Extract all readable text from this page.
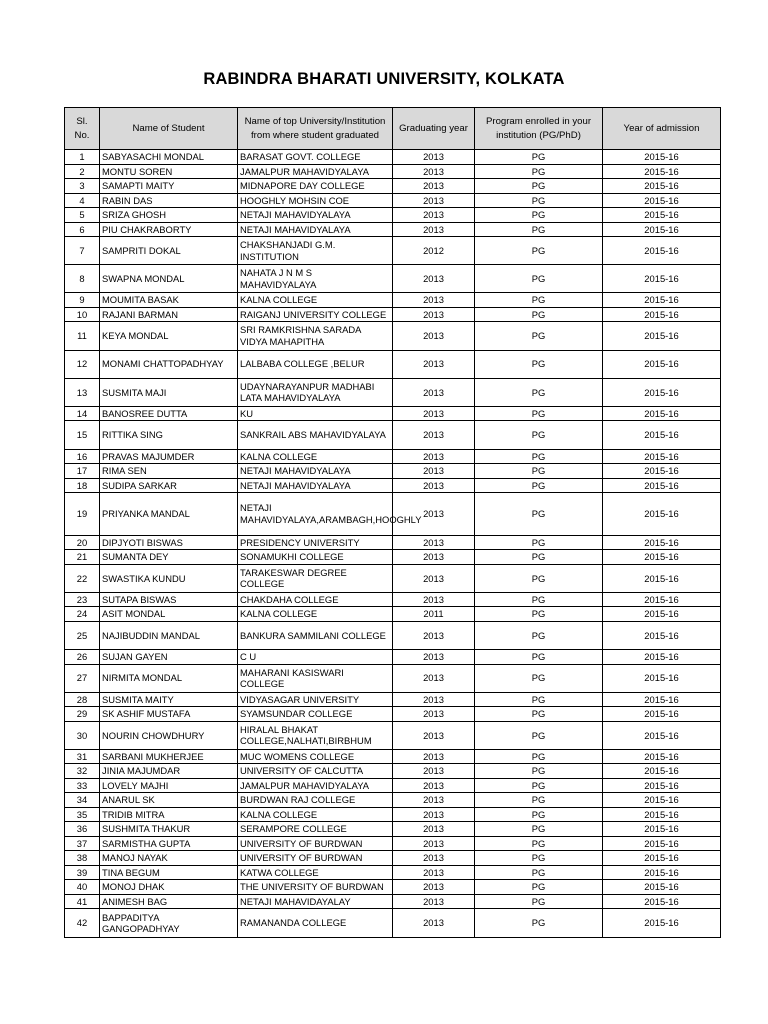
RABINDRA BHARATI UNIVERSITY, KOLKATA
Sl. No.	Name of Student	Name of top University/Institution from where student graduated	Graduating year	Program enrolled in your institution (PG/PhD)	Year of admission
1	SABYASACHI MONDAL	BARASAT GOVT. COLLEGE	2013	PG	2015-16
2	MONTU SOREN	JAMALPUR MAHAVIDYALAYA	2013	PG	2015-16
3	SAMAPTI MAITY	MIDNAPORE DAY COLLEGE	2013	PG	2015-16
4	RABIN DAS	HOOGHLY MOHSIN COE	2013	PG	2015-16
5	SRIZA GHOSH	NETAJI MAHAVIDYALAYA	2013	PG	2015-16
6	PIU CHAKRABORTY	NETAJI MAHAVIDYALAYA	2013	PG	2015-16
7	SAMPRITI DOKAL	CHAKSHANJADI G.M. INSTITUTION	2012	PG	2015-16
8	SWAPNA MONDAL	NAHATA J N M S MAHAVIDYALAYA	2013	PG	2015-16
9	MOUMITA BASAK	KALNA COLLEGE	2013	PG	2015-16
10	RAJANI BARMAN	RAIGANJ UNIVERSITY COLLEGE	2013	PG	2015-16
11	KEYA MONDAL	SRI RAMKRISHNA SARADA VIDYA MAHAPITHA	2013	PG	2015-16
12	MONAMI CHATTOPADHYAY	LALBABA COLLEGE ,BELUR	2013	PG	2015-16
13	SUSMITA MAJI	UDAYNARAYANPUR MADHABI LATA MAHAVIDYALAYA	2013	PG	2015-16
14	BANOSREE DUTTA	KU	2013	PG	2015-16
15	RITTIKA SING	SANKRAIL ABS MAHAVIDYALAYA	2013	PG	2015-16
16	PRAVAS MAJUMDER	KALNA COLLEGE	2013	PG	2015-16
17	RIMA SEN	NETAJI MAHAVIDYALAYA	2013	PG	2015-16
18	SUDIPA SARKAR	NETAJI MAHAVIDYALAYA	2013	PG	2015-16
19	PRIYANKA MANDAL	NETAJI MAHAVIDYALAYA,ARAMBAGH,HOOGHLY	2013	PG	2015-16
20	DIPJYOTI BISWAS	PRESIDENCY UNIVERSITY	2013	PG	2015-16
21	SUMANTA DEY	SONAMUKHI COLLEGE	2013	PG	2015-16
22	SWASTIKA KUNDU	TARAKESWAR DEGREE COLLEGE	2013	PG	2015-16
23	SUTAPA BISWAS	CHAKDAHA COLLEGE	2013	PG	2015-16
24	ASIT MONDAL	KALNA COLLEGE	2011	PG	2015-16
25	NAJIBUDDIN MANDAL	BANKURA SAMMILANI COLLEGE	2013	PG	2015-16
26	SUJAN GAYEN	C U	2013	PG	2015-16
27	NIRMITA MONDAL	MAHARANI KASISWARI COLLEGE	2013	PG	2015-16
28	SUSMITA MAITY	VIDYASAGAR UNIVERSITY	2013	PG	2015-16
29	SK ASHIF MUSTAFA	SYAMSUNDAR COLLEGE	2013	PG	2015-16
30	NOURIN CHOWDHURY	HIRALAL BHAKAT COLLEGE,NALHATI,BIRBHUM	2013	PG	2015-16
31	SARBANI MUKHERJEE	MUC WOMENS COLLEGE	2013	PG	2015-16
32	JINIA MAJUMDAR	UNIVERSITY OF CALCUTTA	2013	PG	2015-16
33	LOVELY MAJHI	JAMALPUR MAHAVIDYALAYA	2013	PG	2015-16
34	ANARUL SK	BURDWAN RAJ COLLEGE	2013	PG	2015-16
35	TRIDIB MITRA	KALNA COLLEGE	2013	PG	2015-16
36	SUSHMITA THAKUR	SERAMPORE COLLEGE	2013	PG	2015-16
37	SARMISTHA GUPTA	UNIVERSITY OF BURDWAN	2013	PG	2015-16
38	MANOJ NAYAK	UNIVERSITY OF BURDWAN	2013	PG	2015-16
39	TINA BEGUM	KATWA COLLEGE	2013	PG	2015-16
40	MONOJ DHAK	THE UNIVERSITY OF BURDWAN	2013	PG	2015-16
41	ANIMESH BAG	NETAJI MAHAVIDAYALAY	2013	PG	2015-16
42	BAPPADITYA GANGOPADHYAY	RAMANANDA COLLEGE	2013	PG	2015-16
